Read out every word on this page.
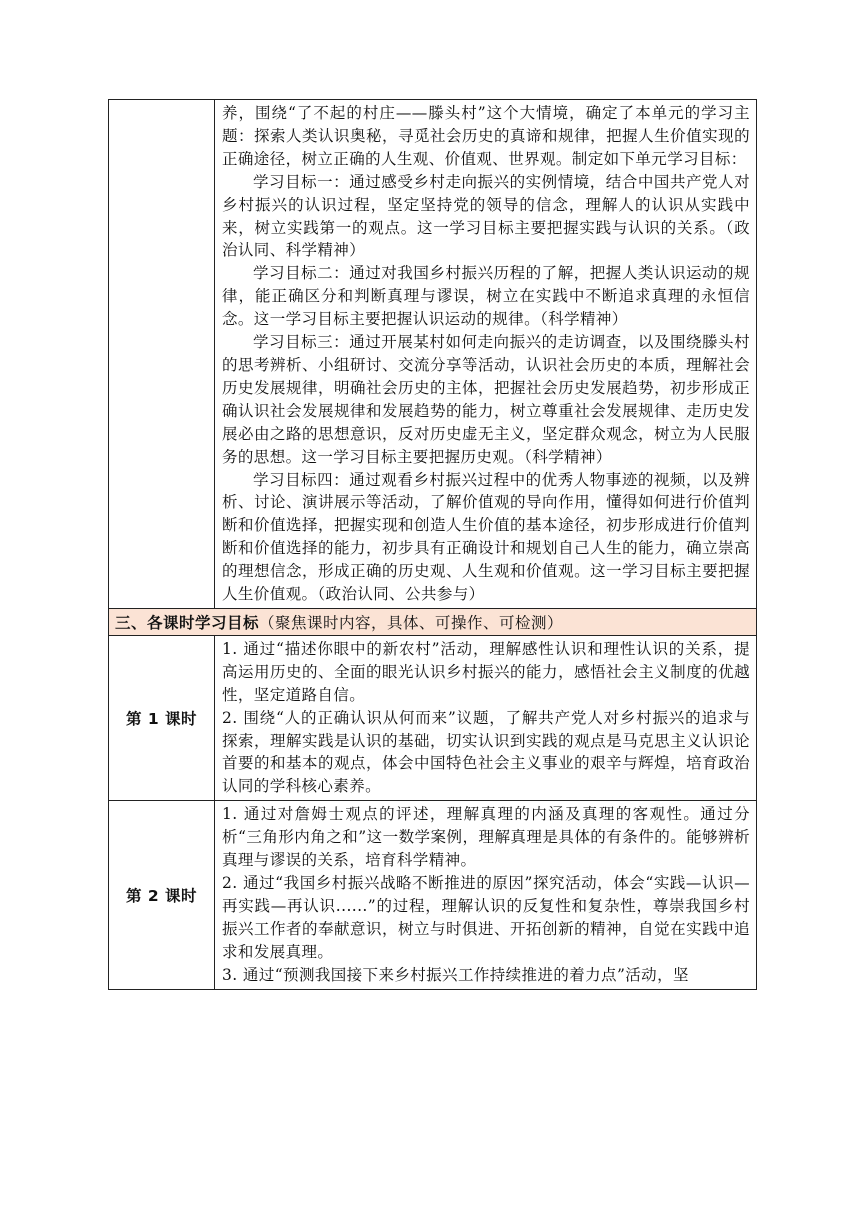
	养，围绕“了不起的村庄——滕头村”这个大情境，确定了本单元的学习主题：探索人类认识奥秘，寻觅社会历史的真谛和规律，把握人生价值实现的正确途径，树立正确的人生观、价值观、世界观。制定如下单元学习目标：

学习目标一：通过感受乡村走向振兴的实例情境，结合中国共产党人对乡村振兴的认识过程，坚定坚持党的领导的信念，理解人的认识从实践中来，树立实践第一的观点。这一学习目标主要把握实践与认识的关系。（政治认同、科学精神）

学习目标二：通过对我国乡村振兴历程的了解，把握人类认识运动的规律，能正确区分和判断真理与谬误，树立在实践中不断追求真理的永恒信念。这一学习目标主要把握认识运动的规律。（科学精神）

学习目标三：通过开展某村如何走向振兴的走访调查，以及围绕滕头村的思考辨析、小组研讨、交流分享等活动，认识社会历史的本质，理解社会历史发展规律，明确社会历史的主体，把握社会历史发展趋势，初步形成正确认识社会发展规律和发展趋势的能力，树立尊重社会发展规律、走历史发展必由之路的思想意识，反对历史虚无主义，坚定群众观念，树立为人民服务的思想。这一学习目标主要把握历史观。（科学精神）

学习目标四：通过观看乡村振兴过程中的优秀人物事迹的视频，以及辨析、讨论、演讲展示等活动，了解价值观的导向作用，懂得如何进行价值判断和价值选择，把握实现和创造人生价值的基本途径，初步形成进行价值判断和价值选择的能力，初步具有正确设计和规划自己人生的能力，确立崇高的理想信念，形成正确的历史观、人生观和价值观。这一学习目标主要把握人生价值观。（政治认同、公共参与）

三、各课时学习目标（聚焦课时内容，具体、可操作、可检测）	
第 1 课时	1. 通过“描述你眼中的新农村”活动，理解感性认识和理性认识的关系，提高运用历史的、全面的眼光认识乡村振兴的能力，感悟社会主义制度的优越性，坚定道路自信。

2. 围绕“人的正确认识从何而来”议题，了解共产党人对乡村振兴的追求与探索，理解实践是认识的基础，切实认识到实践的观点是马克思主义认识论首要的和基本的观点，体会中国特色社会主义事业的艰辛与辉煌，培育政治认同的学科核心素养。

第 2 课时	1. 通过对詹姆士观点的评述，理解真理的内涵及真理的客观性。通过分析“三角形内角之和”这一数学案例，理解真理是具体的有条件的。能够辨析真理与谬误的关系，培育科学精神。

2. 通过“我国乡村振兴战略不断推进的原因”探究活动，体会“实践—认识—再实践—再认识......”的过程，理解认识的反复性和复杂性，尊崇我国乡村振兴工作者的奉献意识，树立与时俱进、开拓创新的精神，自觉在实践中追求和发展真理。

3. 通过“预测我国接下来乡村振兴工作持续推进的着力点”活动，坚
